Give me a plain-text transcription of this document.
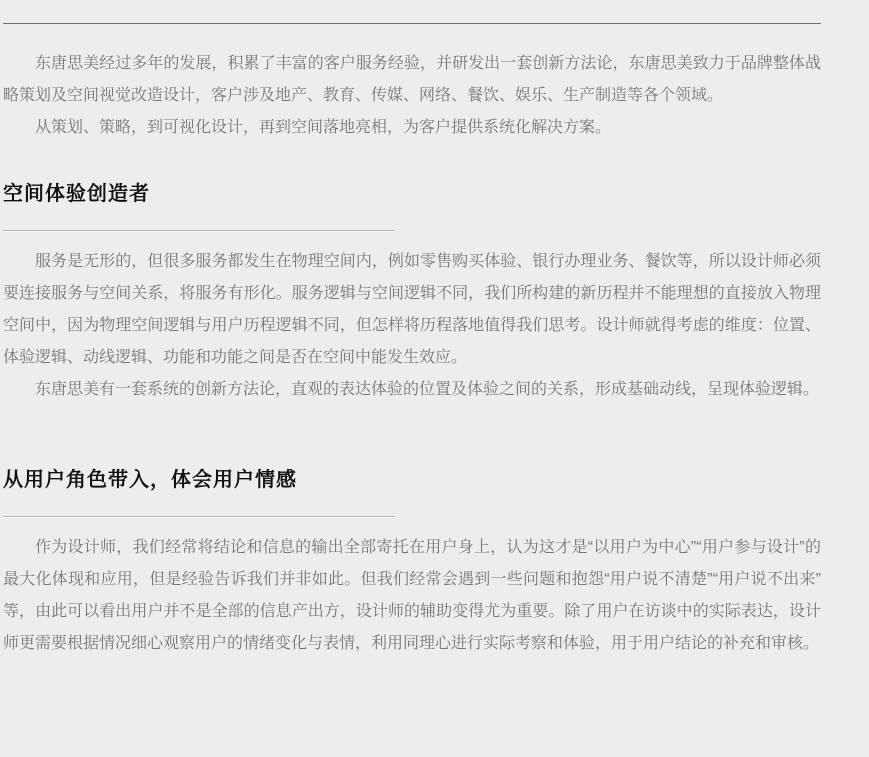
东唐思美经过多年的发展，积累了丰富的客户服务经验，并研发出一套创新方法论，东唐思美致力于品牌整体战略策划及空间视觉改造设计，客户涉及地产、教育、传媒、网络、餐饮、娱乐、生产制造等各个领域。

从策划、策略，到可视化设计，再到空间落地亮相，为客户提供系统化解决方案。

空间体验创造者

服务是无形的，但很多服务都发生在物理空间内，例如零售购买体验、银行办理业务、餐饮等，所以设计师必须要连接服务与空间关系，将服务有形化。服务逻辑与空间逻辑不同，我们所构建的新历程并不能理想的直接放入物理空间中，因为物理空间逻辑与用户历程逻辑不同，但怎样将历程落地值得我们思考。设计师就得考虑的维度：位置、体验逻辑、动线逻辑、功能和功能之间是否在空间中能发生效应。

东唐思美有一套系统的创新方法论，直观的表达体验的位置及体验之间的关系，形成基础动线，呈现体验逻辑。

从用户角色带入，体会用户情感

作为设计师，我们经常将结论和信息的输出全部寄托在用户身上，认为这才是“以用户为中心”“用户参与设计”的最大化体现和应用，但是经验告诉我们并非如此。但我们经常会遇到一些问题和抱怨“用户说不清楚”“用户说不出来”等，由此可以看出用户并不是全部的信息产出方，设计师的辅助变得尤为重要。除了用户在访谈中的实际表达，设计师更需要根据情况细心观察用户的情绪变化与表情，利用同理心进行实际考察和体验，用于用户结论的补充和审核。
